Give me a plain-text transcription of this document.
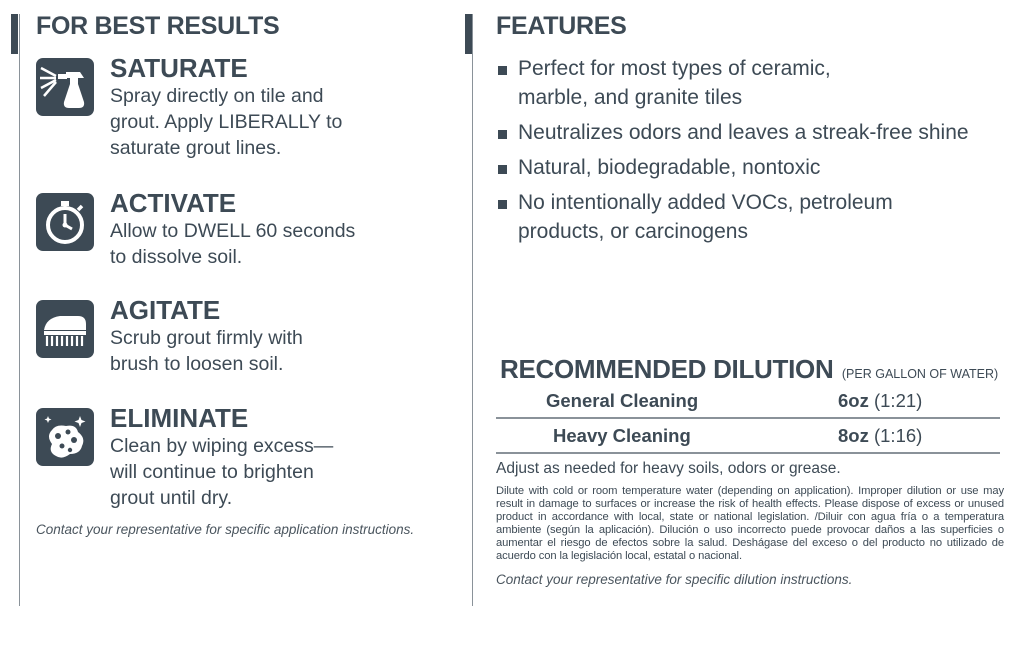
FOR BEST RESULTS
SATURATE
Spray directly on tile and
grout. Apply LIBERALLY to
saturate grout lines.
ACTIVATE
Allow to DWELL 60 seconds
to dissolve soil.
AGITATE
Scrub grout firmly with
brush to loosen soil.
ELIMINATE
Clean by wiping excess—
will continue to brighten
grout until dry.
Contact your representative for specific application instructions.
FEATURES
Perfect for most types of ceramic,
marble, and granite tiles
Neutralizes odors and leaves a streak-free shine
Natural, biodegradable, nontoxic
No intentionally added VOCs, petroleum
products, or carcinogens
RECOMMENDED DILUTION (PER GALLON OF WATER)
General Cleaning	6oz (1:21)
Heavy Cleaning	8oz (1:16)
Adjust as needed for heavy soils, odors or grease.
Dilute with cold or room temperature water (depending on application). Improper dilution or use may result in damage to surfaces or increase the risk of health effects. Please dispose of excess or unused product in accordance with local, state or national legislation. /Diluir con agua fría o a temperatura ambiente (según la aplicación). Dilución o uso incorrecto puede provocar daños a las superficies o aumentar el riesgo de efectos sobre la salud. Deshágase del exceso o del producto no utilizado de acuerdo con la legislación local, estatal o nacional.
Contact your representative for specific dilution instructions.
